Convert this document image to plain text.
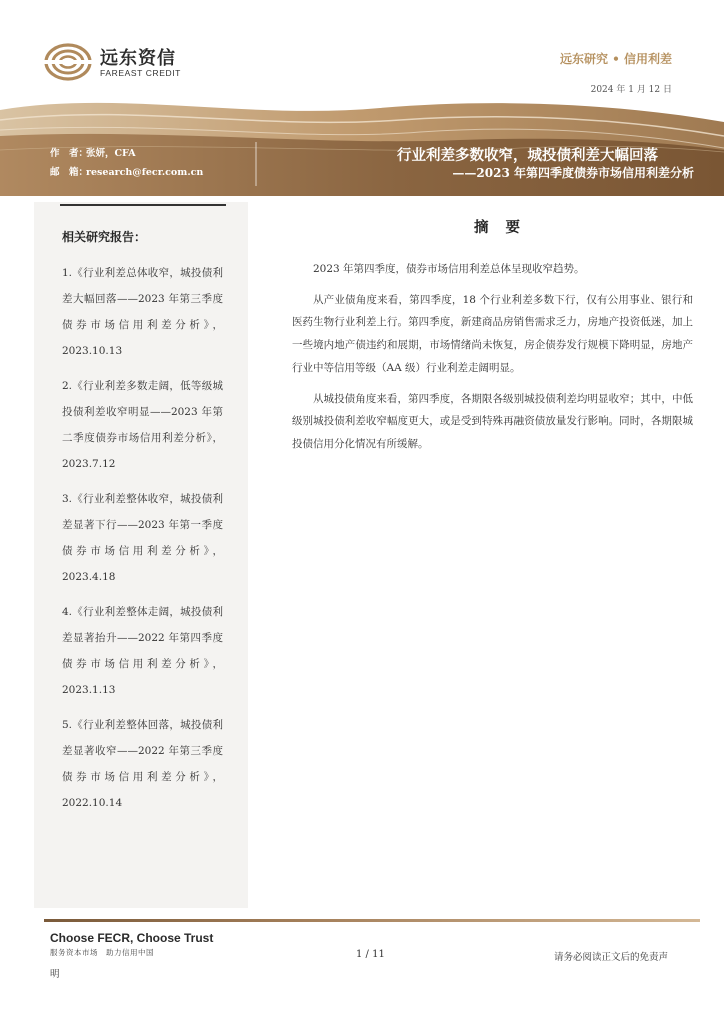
远东资信
FAREAST CREDIT
远东研究 • 信用利差
2024 年 1 月 12 日
作　者：张妍，CFA
邮　箱：research@fecr.com.cn
行业利差多数收窄，城投债利差大幅回落
——2023 年第四季度债券市场信用利差分析
相关研究报告：
1.《行业利差总体收窄，城投债利差大幅回落——2023 年第三季度债券市场信用利差分析》，2023.10.13
2.《行业利差多数走阔，低等级城投债利差收窄明显——2023 年第二季度债券市场信用利差分析》，2023.7.12
3.《行业利差整体收窄，城投债利差显著下行——2023 年第一季度债券市场信用利差分析》，2023.4.18
4.《行业利差整体走阔，城投债利差显著抬升——2022 年第四季度债券市场信用利差分析》，2023.1.13
5.《行业利差整体回落，城投债利差显著收窄——2022 年第三季度债券市场信用利差分析》，2022.10.14
摘 要

2023 年第四季度，债券市场信用利差总体呈现收窄趋势。

从产业债角度来看，第四季度，18 个行业利差多数下行，仅有公用事业、银行和医药生物行业利差上行。第四季度，新建商品房销售需求乏力，房地产投资低迷，加上一些境内地产债违约和展期，市场情绪尚未恢复，房企债券发行规模下降明显，房地产行业中等信用等级（AA 级）行业利差走阔明显。

从城投债角度来看，第四季度，各期限各级别城投债利差均明显收窄；其中，中低级别城投债利差收窄幅度更大，或是受到特殊再融资债放量发行影响。同时，各期限城投债信用分化情况有所缓解。

Choose FECR, Choose Trust
服务资本市场　助力信用中国	1 / 11	请务必阅读正文后的免责声
明
